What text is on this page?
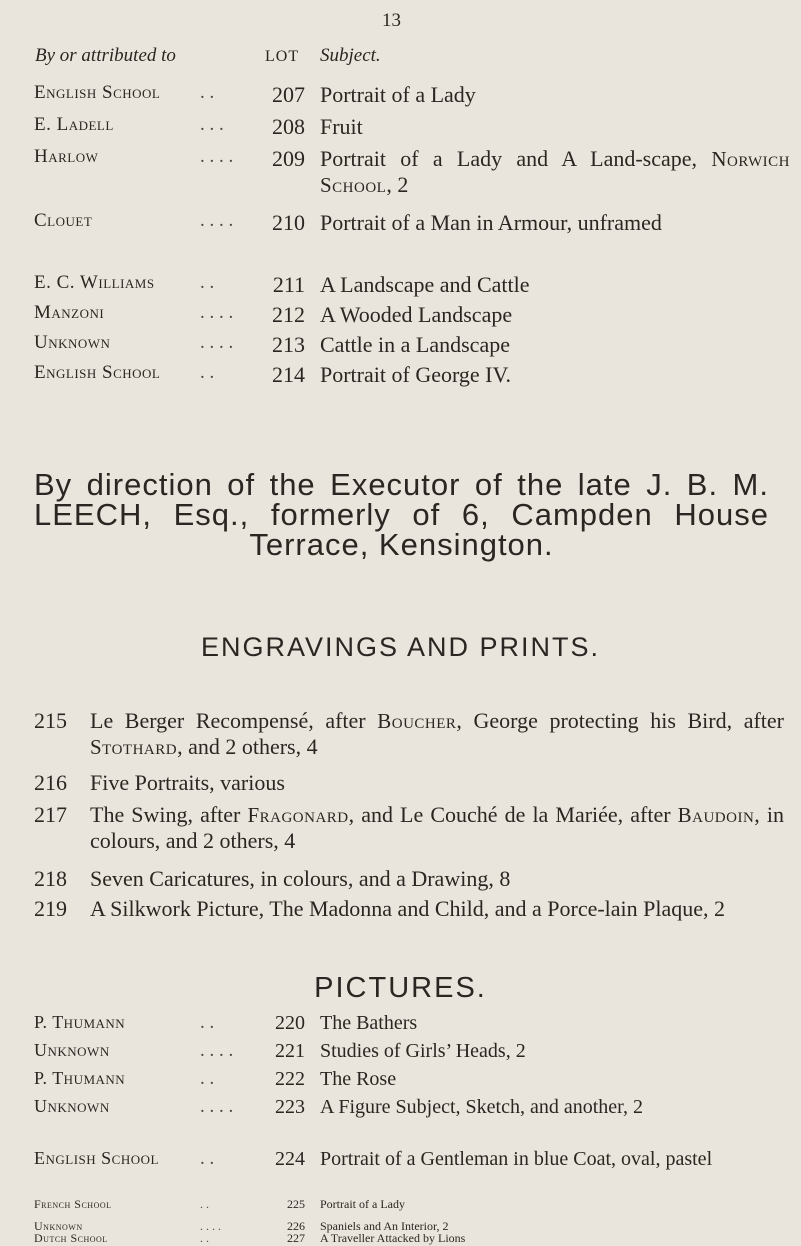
13
By or attributed to	LOT Subject.
English School . .	207 Portrait of a Lady
E. Ladell	. . .	208 Fruit
Harlow	. . . .	209 Portrait of a Lady and A Land-scape, Norwich School, 2
Clouet	. . . .	210 Portrait of a Man in Armour, unframed
E. C. Williams . .	211 A Landscape and Cattle
Manzoni	. . . .	212 A Wooded Landscape
Unknown	. . . .	213 Cattle in a Landscape
English School . .	214 Portrait of George IV.
By direction of the Executor of the late J. B. M. LEECH, Esq., formerly of 6, Campden House Terrace, Kensington.
ENGRAVINGS AND PRINTS.
215 Le Berger Recompensé, after Boucher, George protecting his Bird, after Stothard, and 2 others, 4
216 Five Portraits, various
217 The Swing, after Fragonard, and Le Couché de la Mariée, after Baudoin, in colours, and 2 others, 4
218 Seven Caricatures, in colours, and a Drawing, 8
219 A Silkwork Picture, The Madonna and Child, and a Porce-lain Plaque, 2
PICTURES.
P. Thumann	. .	220 The Bathers
Unknown	. . . .	221 Studies of Girls’ Heads, 2
P. Thumann	. .	222 The Rose
Unknown	. . . .	223 A Figure Subject, Sketch, and another, 2
English School . .	224 Portrait of a Gentleman in blue Coat, oval, pastel
French School	. .	225 Portrait of a Lady
Unknown	. . . .	226 Spaniels and An Interior, 2
Dutch School	. .	227 A Traveller Attacked by Lions
